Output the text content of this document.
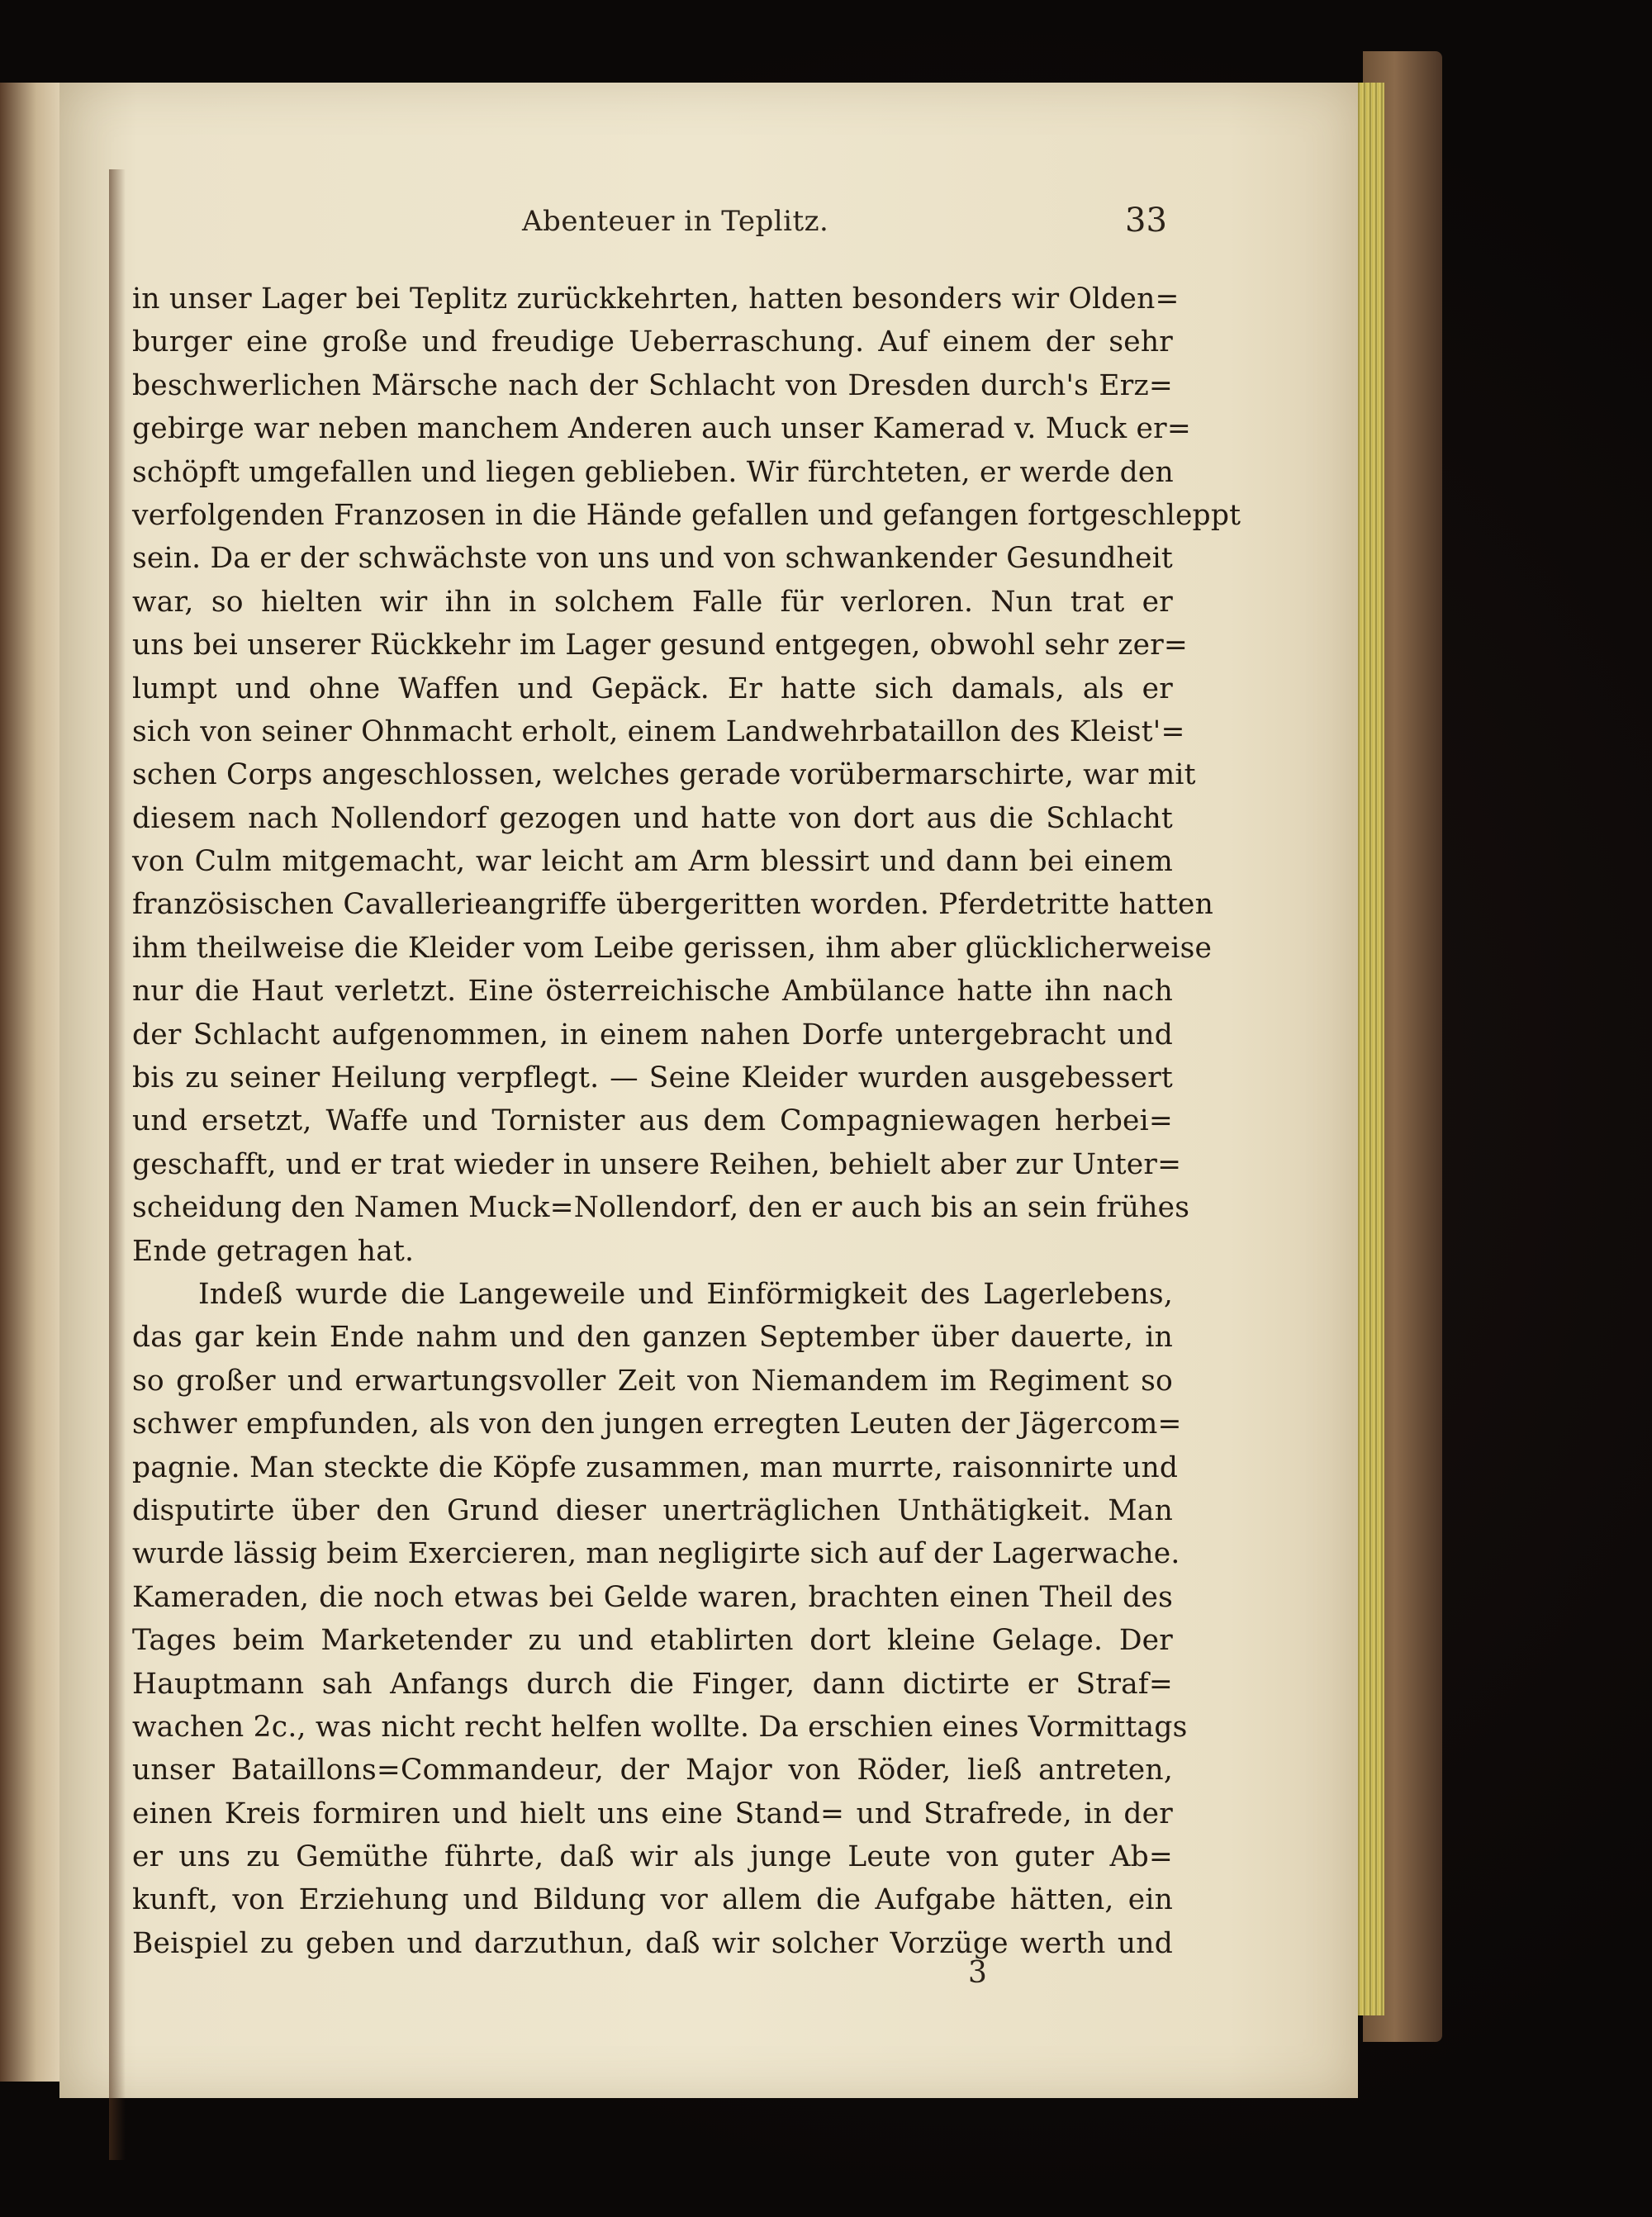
Abenteuer in Teplitz.	33
in unser Lager bei Teplitz zurückkehrten, hatten besonders wir Olden=
burger eine große und freudige Ueberraschung. Auf einem der sehr
beschwerlichen Märsche nach der Schlacht von Dresden durch's Erz=
gebirge war neben manchem Anderen auch unser Kamerad v. Muck er=
schöpft umgefallen und liegen geblieben. Wir fürchteten, er werde den
verfolgenden Franzosen in die Hände gefallen und gefangen fortgeschleppt
sein. Da er der schwächste von uns und von schwankender Gesundheit
war, so hielten wir ihn in solchem Falle für verloren. Nun trat er
uns bei unserer Rückkehr im Lager gesund entgegen, obwohl sehr zer=
lumpt und ohne Waffen und Gepäck. Er hatte sich damals, als er
sich von seiner Ohnmacht erholt, einem Landwehrbataillon des Kleist'=
schen Corps angeschlossen, welches gerade vorübermarschirte, war mit
diesem nach Nollendorf gezogen und hatte von dort aus die Schlacht
von Culm mitgemacht, war leicht am Arm blessirt und dann bei einem
französischen Cavallerieangriffe übergeritten worden. Pferdetritte hatten
ihm theilweise die Kleider vom Leibe gerissen, ihm aber glücklicherweise
nur die Haut verletzt. Eine österreichische Ambülance hatte ihn nach
der Schlacht aufgenommen, in einem nahen Dorfe untergebracht und
bis zu seiner Heilung verpflegt. — Seine Kleider wurden ausgebessert
und ersetzt, Waffe und Tornister aus dem Compagniewagen herbei=
geschafft, und er trat wieder in unsere Reihen, behielt aber zur Unter=
scheidung den Namen Muck=Nollendorf, den er auch bis an sein frühes
Ende getragen hat.
Indeß wurde die Langeweile und Einförmigkeit des Lagerlebens,
das gar kein Ende nahm und den ganzen September über dauerte, in
so großer und erwartungsvoller Zeit von Niemandem im Regiment so
schwer empfunden, als von den jungen erregten Leuten der Jägercom=
pagnie. Man steckte die Köpfe zusammen, man murrte, raisonnirte und
disputirte über den Grund dieser unerträglichen Unthätigkeit. Man
wurde lässig beim Exercieren, man negligirte sich auf der Lagerwache.
Kameraden, die noch etwas bei Gelde waren, brachten einen Theil des
Tages beim Marketender zu und etablirten dort kleine Gelage. Der
Hauptmann sah Anfangs durch die Finger, dann dictirte er Straf=
wachen 2c., was nicht recht helfen wollte. Da erschien eines Vormittags
unser Bataillons=Commandeur, der Major von Röder, ließ antreten,
einen Kreis formiren und hielt uns eine Stand= und Strafrede, in der
er uns zu Gemüthe führte, daß wir als junge Leute von guter Ab=
kunft, von Erziehung und Bildung vor allem die Aufgabe hätten, ein
Beispiel zu geben und darzuthun, daß wir solcher Vorzüge werth und
3
